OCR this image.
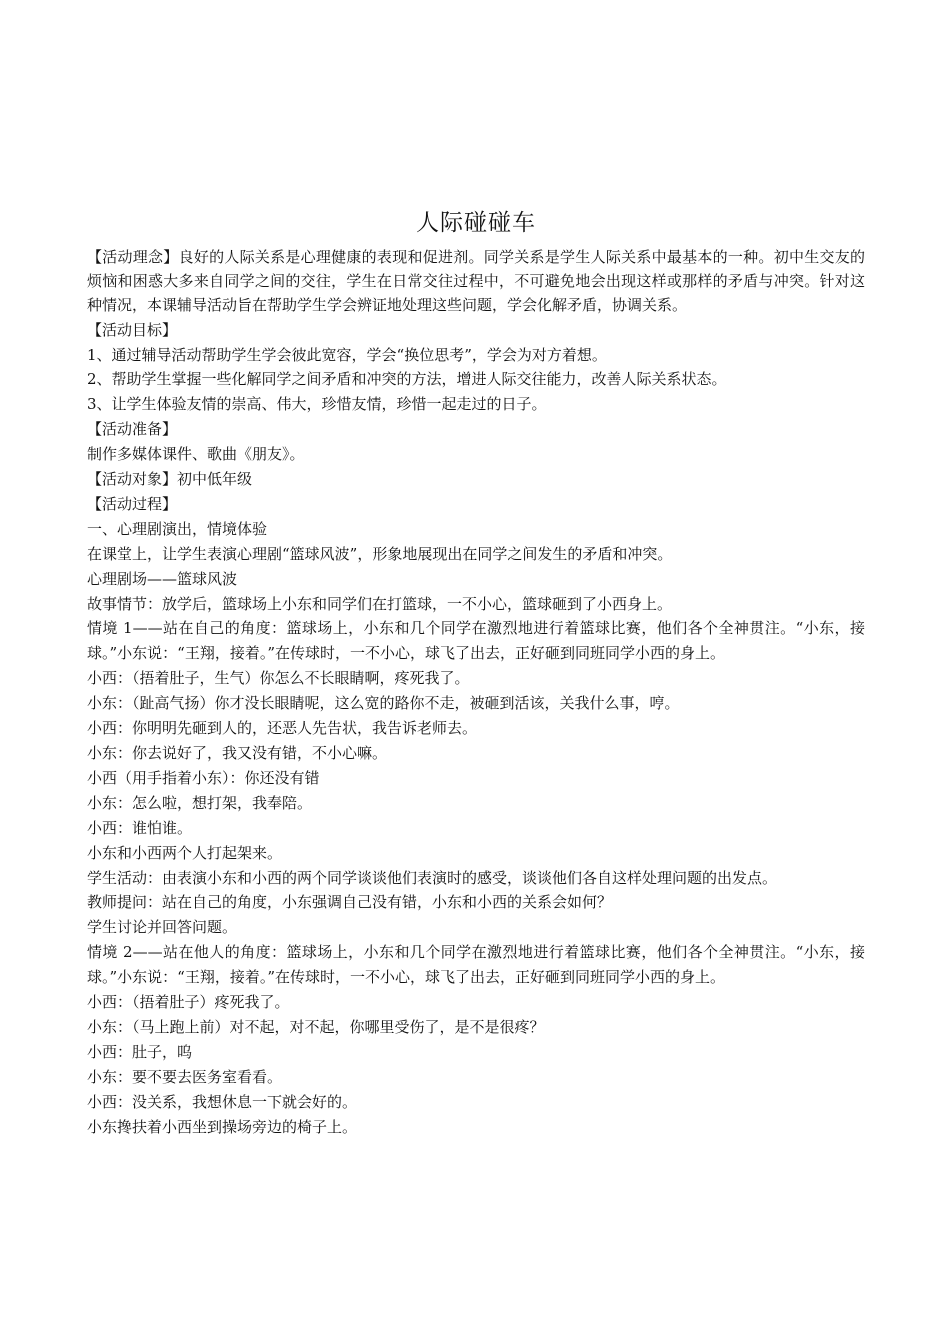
人际碰碰车

【活动理念】良好的人际关系是心理健康的表现和促进剂。同学关系是学生人际关系中最基本的一种。初中生交友的烦恼和困惑大多来自同学之间的交往，学生在日常交往过程中，不可避免地会出现这样或那样的矛盾与冲突。针对这种情况，本课辅导活动旨在帮助学生学会辨证地处理这些问题，学会化解矛盾，协调关系。

【活动目标】

1、通过辅导活动帮助学生学会彼此宽容，学会“换位思考”，学会为对方着想。

2、帮助学生掌握一些化解同学之间矛盾和冲突的方法，增进人际交往能力，改善人际关系状态。

3、让学生体验友情的崇高、伟大，珍惜友情，珍惜一起走过的日子。

【活动准备】

制作多媒体课件、歌曲《朋友》。

【活动对象】初中低年级

【活动过程】

一、心理剧演出，情境体验

在课堂上，让学生表演心理剧“篮球风波”，形象地展现出在同学之间发生的矛盾和冲突。

心理剧场——篮球风波

故事情节：放学后，篮球场上小东和同学们在打篮球，一不小心，篮球砸到了小西身上。

情境 1——站在自己的角度：篮球场上，小东和几个同学在激烈地进行着篮球比赛，他们各个全神贯注。“小东，接球。”小东说：“王翔，接着。”在传球时，一不小心，球飞了出去，正好砸到同班同学小西的身上。

小西：（捂着肚子，生气）你怎么不长眼睛啊，疼死我了。

小东：（趾高气扬）你才没长眼睛呢，这么宽的路你不走，被砸到活该，关我什么事，哼。

小西：你明明先砸到人的，还恶人先告状，我告诉老师去。

小东：你去说好了，我又没有错，不小心嘛。

小西（用手指着小东）：你还没有错

小东：怎么啦，想打架，我奉陪。

小西：谁怕谁。

小东和小西两个人打起架来。

学生活动：由表演小东和小西的两个同学谈谈他们表演时的感受，谈谈他们各自这样处理问题的出发点。

教师提问：站在自己的角度，小东强调自己没有错，小东和小西的关系会如何？

学生讨论并回答问题。

情境 2——站在他人的角度：篮球场上，小东和几个同学在激烈地进行着篮球比赛，他们各个全神贯注。“小东，接球。”小东说：“王翔，接着。”在传球时，一不小心，球飞了出去，正好砸到同班同学小西的身上。

小西：（捂着肚子）疼死我了。

小东：（马上跑上前）对不起，对不起，你哪里受伤了，是不是很疼？

小西：肚子，呜

小东：要不要去医务室看看。

小西：没关系，我想休息一下就会好的。

小东搀扶着小西坐到操场旁边的椅子上。
